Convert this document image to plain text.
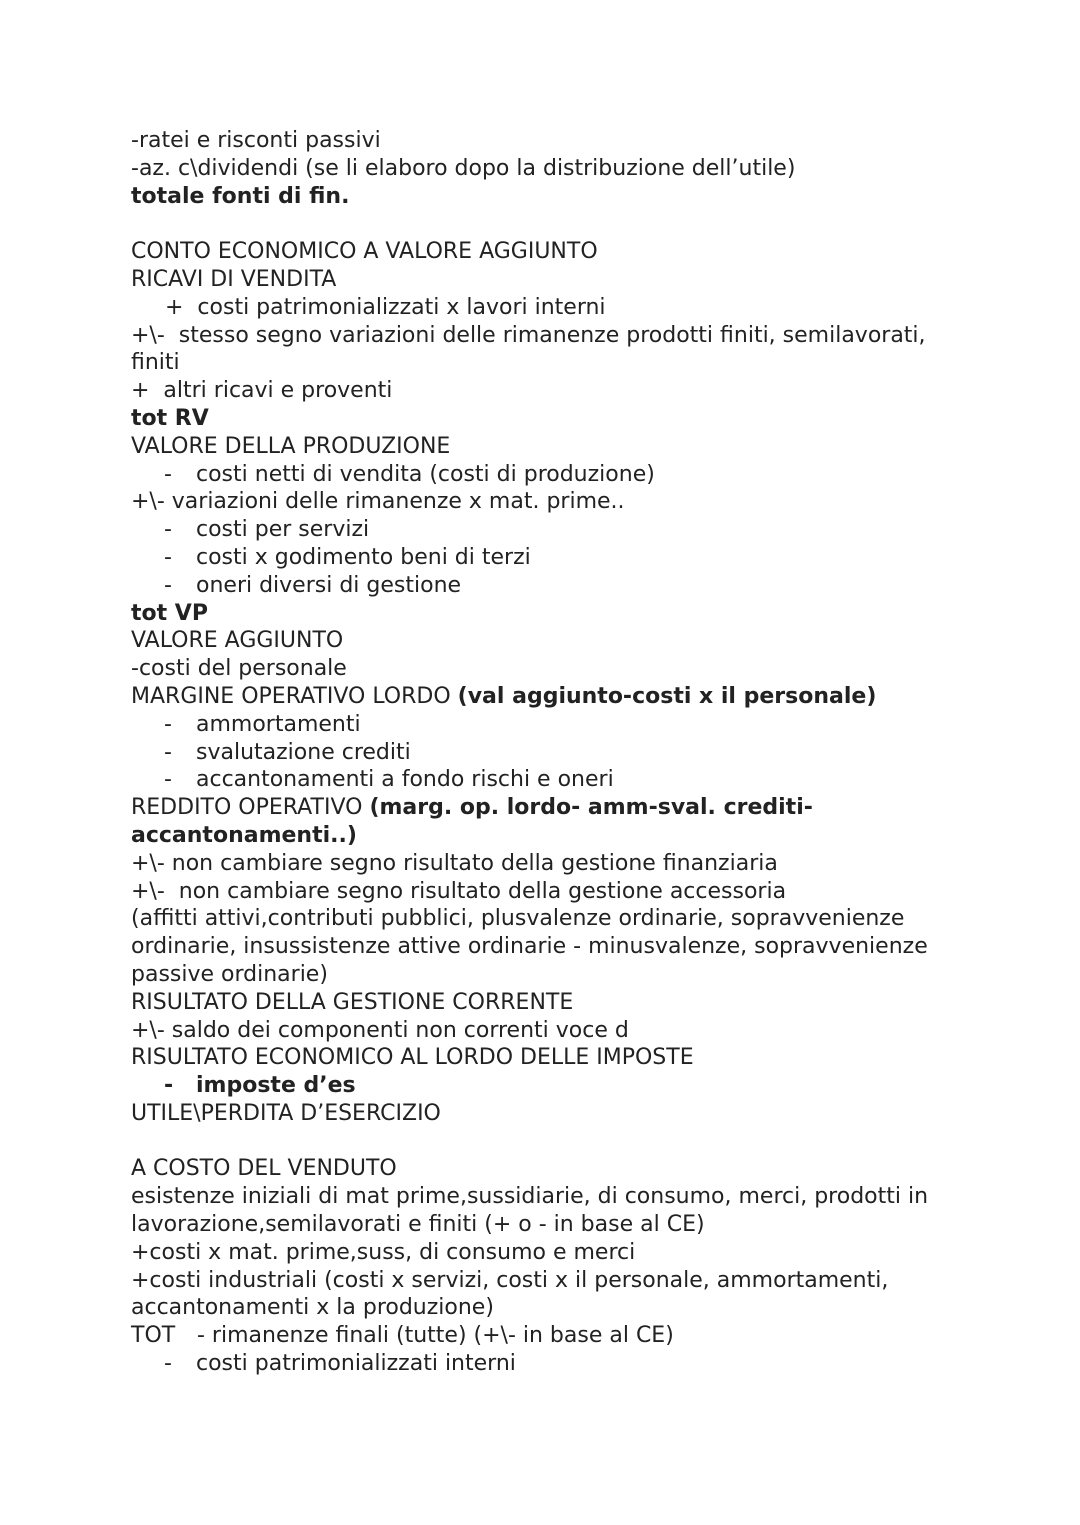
-ratei e risconti passivi

-az. c\dividendi (se li elaboro dopo la distribuzione dell’utile)

totale fonti di fin.

CONTO ECONOMICO A VALORE AGGIUNTO

RICAVI DI VENDITA

+  costi patrimonializzati x lavori interni

+\-  stesso segno variazioni delle rimanenze prodotti finiti, semilavorati, finiti

+  altri ricavi e proventi

tot RV

VALORE DELLA PRODUZIONE

-	costi netti di vendita (costi di produzione)

+\- variazioni delle rimanenze x mat. prime..

-	costi per servizi
-	costi x godimento beni di terzi
-	oneri diversi di gestione

tot VP

VALORE AGGIUNTO

-costi del personale

MARGINE OPERATIVO LORDO (val aggiunto-costi x il personale)

-	ammortamenti
-	svalutazione crediti
-	accantonamenti a fondo rischi e oneri

REDDITO OPERATIVO (marg. op. lordo- amm-sval. crediti-accantonamenti..)

+\- non cambiare segno risultato della gestione finanziaria

+\-  non cambiare segno risultato della gestione accessoria

(affitti attivi,contributi pubblici, plusvalenze ordinarie, sopravvenienze ordinarie, insussistenze attive ordinarie - minusvalenze, sopravvenienze passive ordinarie)

RISULTATO DELLA GESTIONE CORRENTE

+\- saldo dei componenti non correnti voce d

RISULTATO ECONOMICO AL LORDO DELLE IMPOSTE

-	imposte d’es

UTILE\PERDITA D’ESERCIZIO

A COSTO DEL VENDUTO

esistenze iniziali di mat prime,sussidiarie, di consumo, merci, prodotti in lavorazione,semilavorati e finiti (+ o - in base al CE)

+costi x mat. prime,suss, di consumo e merci

+costi industriali (costi x servizi, costi x il personale, ammortamenti, accantonamenti x la produzione)

TOT - rimanenze finali (tutte) (+\- in base al CE)
-	costi patrimonializzati interni
